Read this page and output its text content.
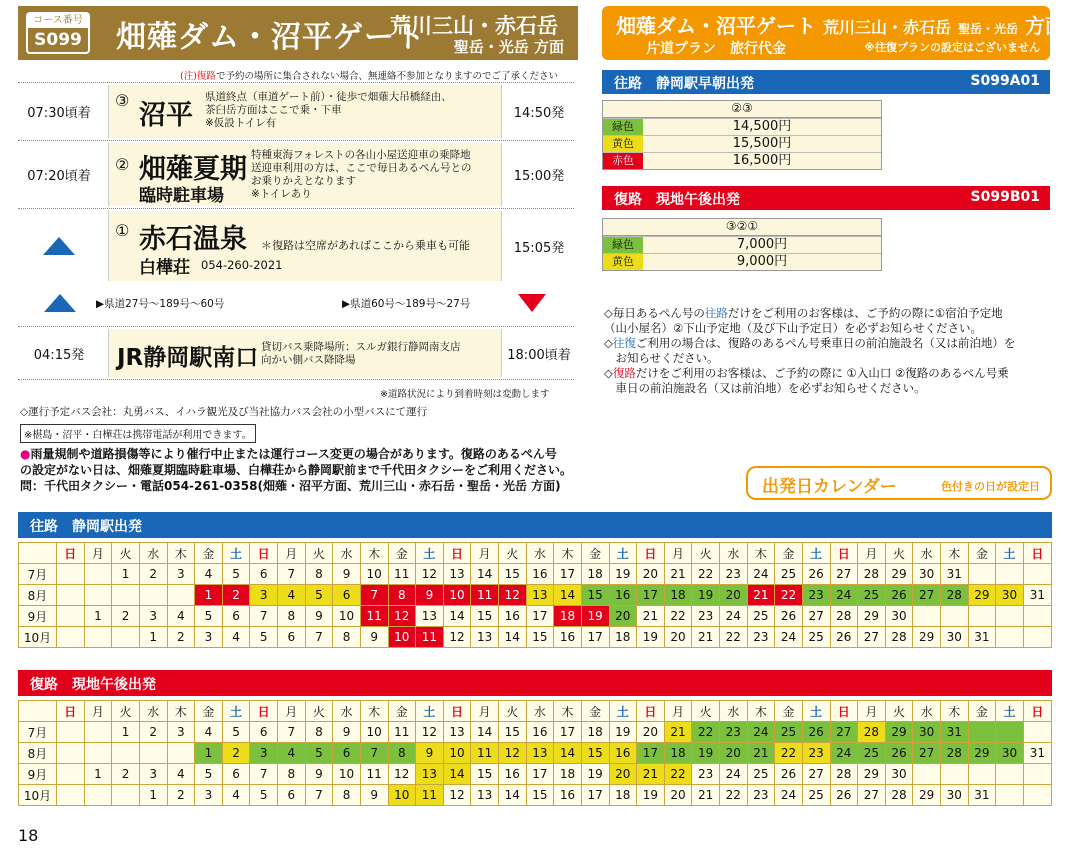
コース番号
S099 畑薙ダム・沼平ゲート
荒川三山・赤石岳
聖岳・光岳 方面
(注)復路で予約の場所に集合されない場合、無連絡不参加となりますのでご了承ください
07:30頃着
③ 沼平
県道終点（車道ゲート前）・徒歩で畑薙大吊橋経由、
茶臼岳方面はここで乗・下車
※仮設トイレ有
14:50発
07:20頃着
② 畑薙夏期
臨時駐車場
特種東海フォレストの各山小屋送迎車の乗降地
送迎車利用の方は、ここで毎日あるぺん号との
お乗りかえとなります
※トイレあり
15:00発
① 赤石温泉
白樺荘 054-260-2021
＊復路は空席があればここから乗車も可能	15:05発
▶県道27号～189号～60号	▶県道60号～189号～27号
04:15発	JR静岡駅南口 貸切バス乗降場所：スルガ銀行静岡南支店
向かい側バス降降場	18:00頃着
※道路状況により到着時刻は変動します
◇運行予定バス会社：丸勇バス、イハラ観光及び当社協力バス会社の小型バスにて運行
※椹島・沼平・白樺荘は携帯電話が利用できます。
●雨量規制や道路損傷等により催行中止または運行コース変更の場合があります。復路のあるぺん号
の設定がない日は、畑薙夏期臨時駐車場、白樺荘から静岡駅前まで千代田タクシーをご利用ください。
問：千代田タクシー・電話054-261-0358(畑薙・沼平方面、荒川三山・赤石岳・聖岳・光岳 方面)
畑薙ダム・沼平ゲート 荒川三山・赤石岳 聖岳・光岳 方面
片道プラン　旅行代金	※往復プランの設定はございません
往路　静岡駅早朝出発	S099A01
②③
緑色	14,500円
黄色	15,500円
赤色	16,500円
復路　現地午後出発	S099B01
③②①
緑色	7,000円
黄色	9,000円
◇毎日あるぺん号の往路だけをご利用のお客様は、ご予約の際に①宿泊予定地
（山小屋名）②下山予定地（及び下山予定日）を必ずお知らせください。
◇往復ご利用の場合は、復路のあるぺん号乗車日の前泊施設名（又は前泊地）を
　お知らせください。
◇復路だけをご利用のお客様は、ご予約の際に ①入山口 ②復路のあるぺん号乗
　車日の前泊施設名（又は前泊地）を必ずお知らせください。
出発日カレンダー	色付きの日が設定日
往路　静岡駅出発
	日	月	火	水	木	金	土	日	月	火	水	木	金	土	日	月	火	水	木	金	土	日	月	火	水	木	金	土	日	月	火	水	木	金	土	日
7月			1	2	3	4	5	6	7	8	9	10	11	12	13	14	15	16	17	18	19	20	21	22	23	24	25	26	27	28	29	30	31			
8月						1	2	3	4	5	6	7	8	9	10	11	12	13	14	15	16	17	18	19	20	21	22	23	24	25	26	27	28	29	30	31
9月		1	2	3	4	5	6	7	8	9	10	11	12	13	14	15	16	17	18	19	20	21	22	23	24	25	26	27	28	29	30					
10月				1	2	3	4	5	6	7	8	9	10	11	12	13	14	15	16	17	18	19	20	21	22	23	24	25	26	27	28	29	30	31		
復路　現地午後出発
	日	月	火	水	木	金	土	日	月	火	水	木	金	土	日	月	火	水	木	金	土	日	月	火	水	木	金	土	日	月	火	水	木	金	土	日
7月			1	2	3	4	5	6	7	8	9	10	11	12	13	14	15	16	17	18	19	20	21	22	23	24	25	26	27	28	29	30	31			
8月						1	2	3	4	5	6	7	8	9	10	11	12	13	14	15	16	17	18	19	20	21	22	23	24	25	26	27	28	29	30	31
9月		1	2	3	4	5	6	7	8	9	10	11	12	13	14	15	16	17	18	19	20	21	22	23	24	25	26	27	28	29	30					
10月				1	2	3	4	5	6	7	8	9	10	11	12	13	14	15	16	17	18	19	20	21	22	23	24	25	26	27	28	29	30	31		
18
